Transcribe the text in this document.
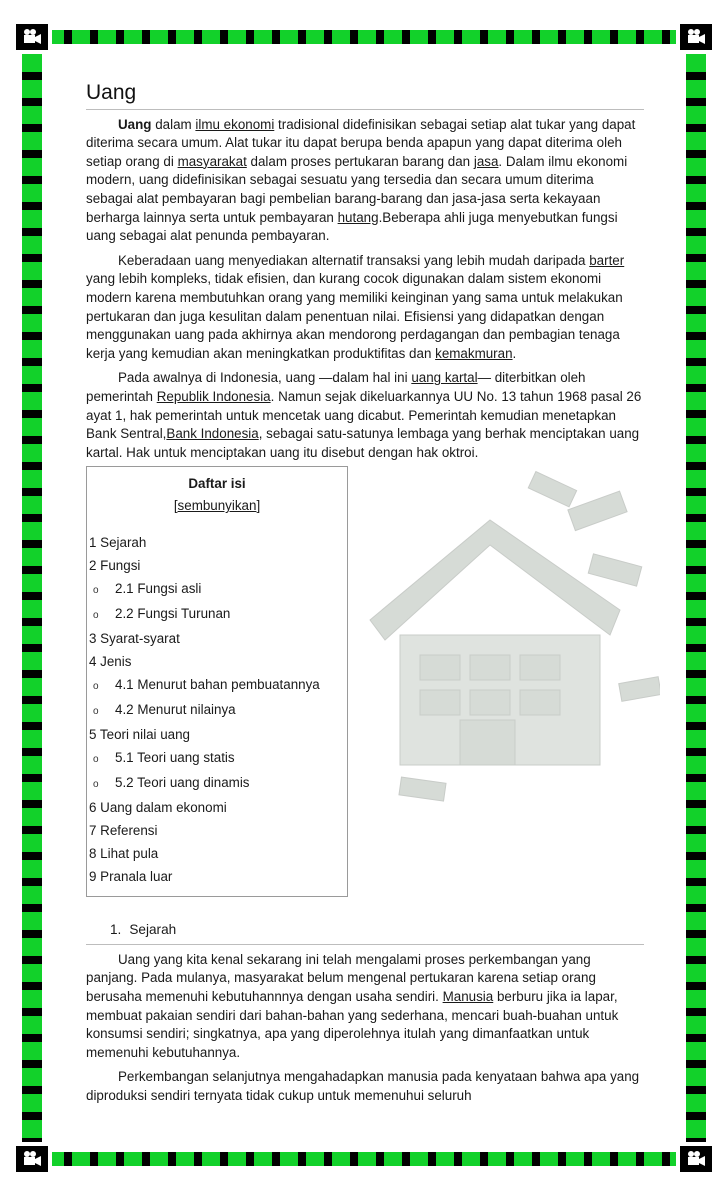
Uang

Uang dalam ilmu ekonomi tradisional didefinisikan sebagai setiap alat tukar yang dapat diterima secara umum. Alat tukar itu dapat berupa benda apapun yang dapat diterima oleh setiap orang di masyarakat dalam proses pertukaran barang dan jasa. Dalam ilmu ekonomi modern, uang didefinisikan sebagai sesuatu yang tersedia dan secara umum diterima sebagai alat pembayaran bagi pembelian barang-barang dan jasa-jasa serta kekayaan berharga lainnya serta untuk pembayaran hutang.Beberapa ahli juga menyebutkan fungsi uang sebagai alat penunda pembayaran.

Keberadaan uang menyediakan alternatif transaksi yang lebih mudah daripada barter yang lebih kompleks, tidak efisien, dan kurang cocok digunakan dalam sistem ekonomi modern karena membutuhkan orang yang memiliki keinginan yang sama untuk melakukan pertukaran dan juga kesulitan dalam penentuan nilai. Efisiensi yang didapatkan dengan menggunakan uang pada akhirnya akan mendorong perdagangan dan pembagian tenaga kerja yang kemudian akan meningkatkan produktifitas dan kemakmuran.

Pada awalnya di Indonesia, uang —dalam hal ini uang kartal— diterbitkan oleh pemerintah Republik Indonesia. Namun sejak dikeluarkannya UU No. 13 tahun 1968 pasal 26 ayat 1, hak pemerintah untuk mencetak uang dicabut. Pemerintah kemudian menetapkan Bank Sentral,Bank Indonesia, sebagai satu-satunya lembaga yang berhak menciptakan uang kartal. Hak untuk menciptakan uang itu disebut dengan hak oktroi.

Daftar isi
[sembunyikan]
1 Sejarah
2 Fungsi
o 2.1 Fungsi asli
o 2.2 Fungsi Turunan
3 Syarat-syarat
4 Jenis
o 4.1 Menurut bahan pembuatannya
o 4.2 Menurut nilainya
5 Teori nilai uang
o 5.1 Teori uang statis
o 5.2 Teori uang dinamis
6 Uang dalam ekonomi
7 Referensi
8 Lihat pula
9 Pranala luar
1. Sejarah

Uang yang kita kenal sekarang ini telah mengalami proses perkembangan yang panjang. Pada mulanya, masyarakat belum mengenal pertukaran karena setiap orang berusaha memenuhi kebutuhannnya dengan usaha sendiri. Manusia berburu jika ia lapar, membuat pakaian sendiri dari bahan-bahan yang sederhana, mencari buah-buahan untuk konsumsi sendiri; singkatnya, apa yang diperolehnya itulah yang dimanfaatkan untuk memenuhi kebutuhannya.

Perkembangan selanjutnya mengahadapkan manusia pada kenyataan bahwa apa yang diproduksi sendiri ternyata tidak cukup untuk memenuhui seluruh
